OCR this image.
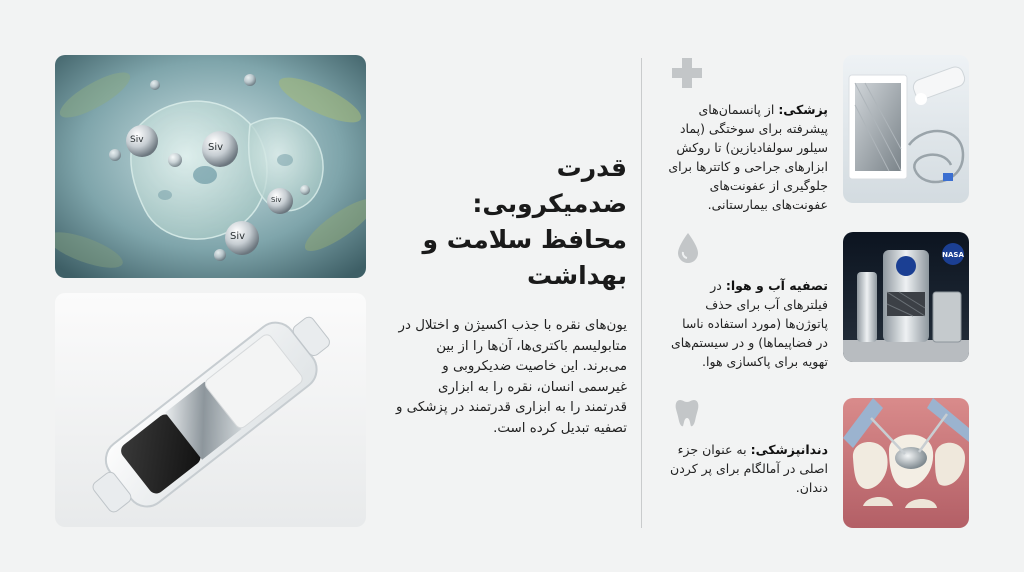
Siv
Siv
Siv
Siv
قدرت ضدمیکروبی:
محافظ سلامت و
بهداشت

یون‌های نقره با جذب اکسیژن و اختلال در متابولیسم باکتری‌ها، آن‌ها را از بین می‌برند. این خاصیت ضدیکروبی و غیرسمی انسان، نقره را به ابزاری قدرتمند را به ابزاری قدرتمند در پزشکی و تصفیه تبدیل کرده است.

پزشکی: از پانسمان‌های پیشرفته برای سوختگی (پماد سیلور سولفادیازین) تا روکش ابزارهای جراحی و کاتترها برای جلوگیری از عفونت‌های عفونت‌های بیمارستانی.

تصفیه آب و هوا: در فیلترهای آب برای حذف پاتوژن‌ها (مورد استفاده ناسا در فضاپیماها) و در سیستم‌های تهویه برای پاکسازی هوا.

دندانپزشکی: به عنوان جزء اصلی در آمالگام برای پر کردن دندان.

NASA
